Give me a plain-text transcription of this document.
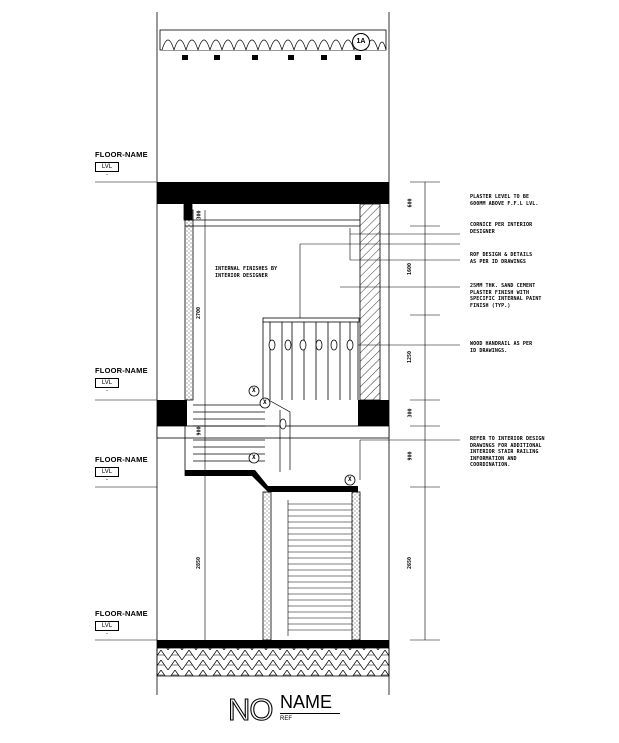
X
X
X
X
1A
FLOOR-NAME
LVL
-
FLOOR-NAME
LVL
-
FLOOR-NAME
LVL
-
FLOOR-NAME
LVL
-
PLASTER LEVEL TO BE
600MM ABOVE F.F.L LVL.
CORNICE PER INTERIOR
DESIGNER
ROF DESIGN & DETAILS
AS PER ID DRAWINGS
25MM THK. SAND CEMENT
PLASTER FINISH WITH
SPECIFIC INTERNAL PAINT
FINISH (TYP.)
WOOD HANDRAIL AS PER
ID DRAWINGS.
REFER TO INTERIOR DESIGN
DRAWINGS FOR ADDITIONAL
INTERIOR STAIR RAILING
INFORMATION AND
COORDINATION.
INTERNAL FINISHES BY
INTERIOR DESIGNER
600
1600
1250
300
900
2650
300
2700
900
2850
NO NAME
REF
